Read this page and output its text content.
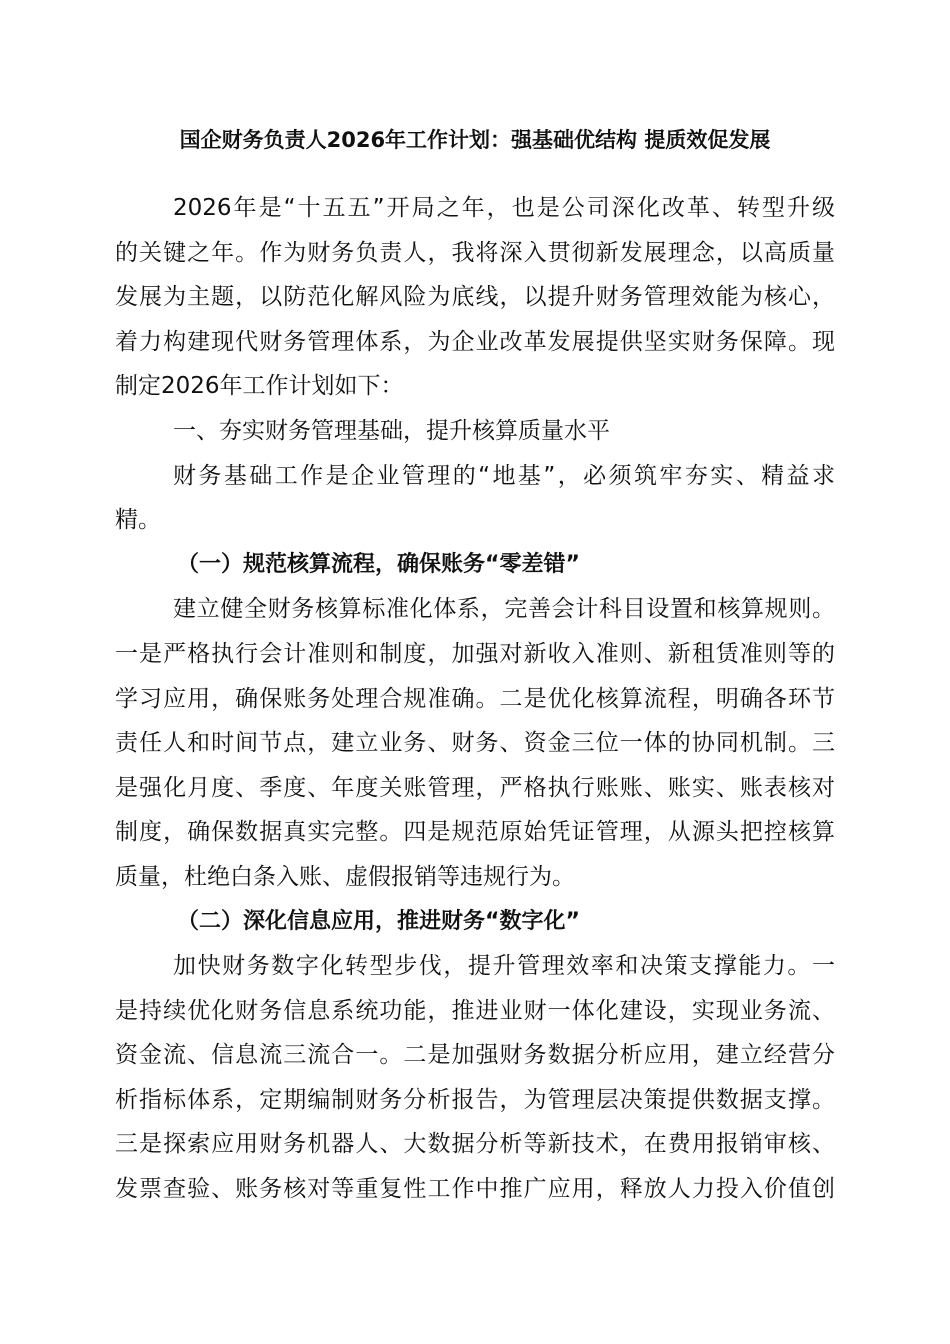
国企财务负责人2026年工作计划：强基础优结构 提质效促发展
2026年是“十五五”开局之年，也是公司深化改革、转型升级
的关键之年。作为财务负责人，我将深入贯彻新发展理念，以高质量
发展为主题，以防范化解风险为底线，以提升财务管理效能为核心，
着力构建现代财务管理体系，为企业改革发展提供坚实财务保障。现
制定2026年工作计划如下：
一、夯实财务管理基础，提升核算质量水平
财务基础工作是企业管理的“地基”，必须筑牢夯实、精益求
精。
（一）规范核算流程，确保账务“零差错”
建立健全财务核算标准化体系，完善会计科目设置和核算规则。
一是严格执行会计准则和制度，加强对新收入准则、新租赁准则等的
学习应用，确保账务处理合规准确。二是优化核算流程，明确各环节
责任人和时间节点，建立业务、财务、资金三位一体的协同机制。三
是强化月度、季度、年度关账管理，严格执行账账、账实、账表核对
制度，确保数据真实完整。四是规范原始凭证管理，从源头把控核算
质量，杜绝白条入账、虚假报销等违规行为。
（二）深化信息应用，推进财务“数字化”
加快财务数字化转型步伐，提升管理效率和决策支撑能力。一
是持续优化财务信息系统功能，推进业财一体化建设，实现业务流、
资金流、信息流三流合一。二是加强财务数据分析应用，建立经营分
析指标体系，定期编制财务分析报告，为管理层决策提供数据支撑。
三是探索应用财务机器人、大数据分析等新技术，在费用报销审核、
发票查验、账务核对等重复性工作中推广应用，释放人力投入价值创
